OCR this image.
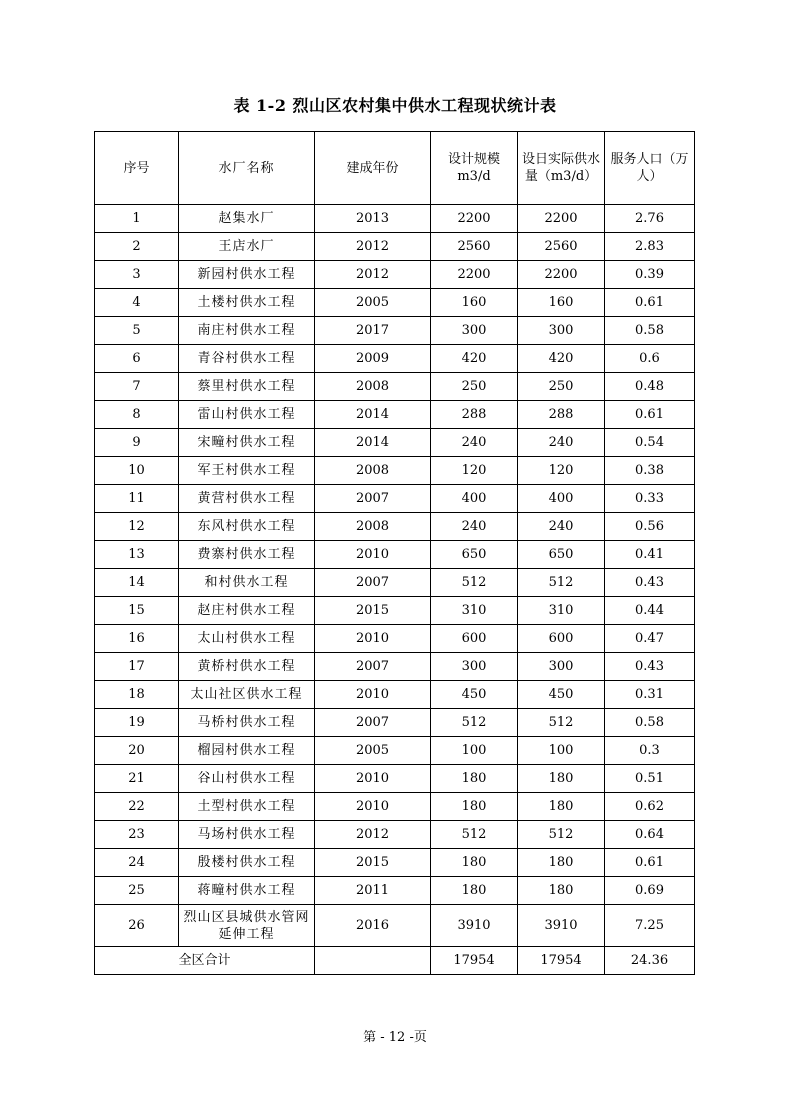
表 1-2 烈山区农村集中供水工程现状统计表
序号	水厂名称	建成年份	设计规模 m3/d	设日实际供水量（m3/d）	服务人口（万人）
1	赵集水厂	2013	2200	2200	2.76
2	王店水厂	2012	2560	2560	2.83
3	新园村供水工程	2012	2200	2200	0.39
4	土楼村供水工程	2005	160	160	0.61
5	南庄村供水工程	2017	300	300	0.58
6	青谷村供水工程	2009	420	420	0.6
7	蔡里村供水工程	2008	250	250	0.48
8	雷山村供水工程	2014	288	288	0.61
9	宋疃村供水工程	2014	240	240	0.54
10	军王村供水工程	2008	120	120	0.38
11	黄营村供水工程	2007	400	400	0.33
12	东风村供水工程	2008	240	240	0.56
13	费寨村供水工程	2010	650	650	0.41
14	和村供水工程	2007	512	512	0.43
15	赵庄村供水工程	2015	310	310	0.44
16	太山村供水工程	2010	600	600	0.47
17	黄桥村供水工程	2007	300	300	0.43
18	太山社区供水工程	2010	450	450	0.31
19	马桥村供水工程	2007	512	512	0.58
20	榴园村供水工程	2005	100	100	0.3
21	谷山村供水工程	2010	180	180	0.51
22	土型村供水工程	2010	180	180	0.62
23	马场村供水工程	2012	512	512	0.64
24	殷楼村供水工程	2015	180	180	0.61
25	蒋疃村供水工程	2011	180	180	0.69
26	烈山区县城供水管网延伸工程	2016	3910	3910	7.25
全区合计			17954	17954	24.36
第 - 12 -页
